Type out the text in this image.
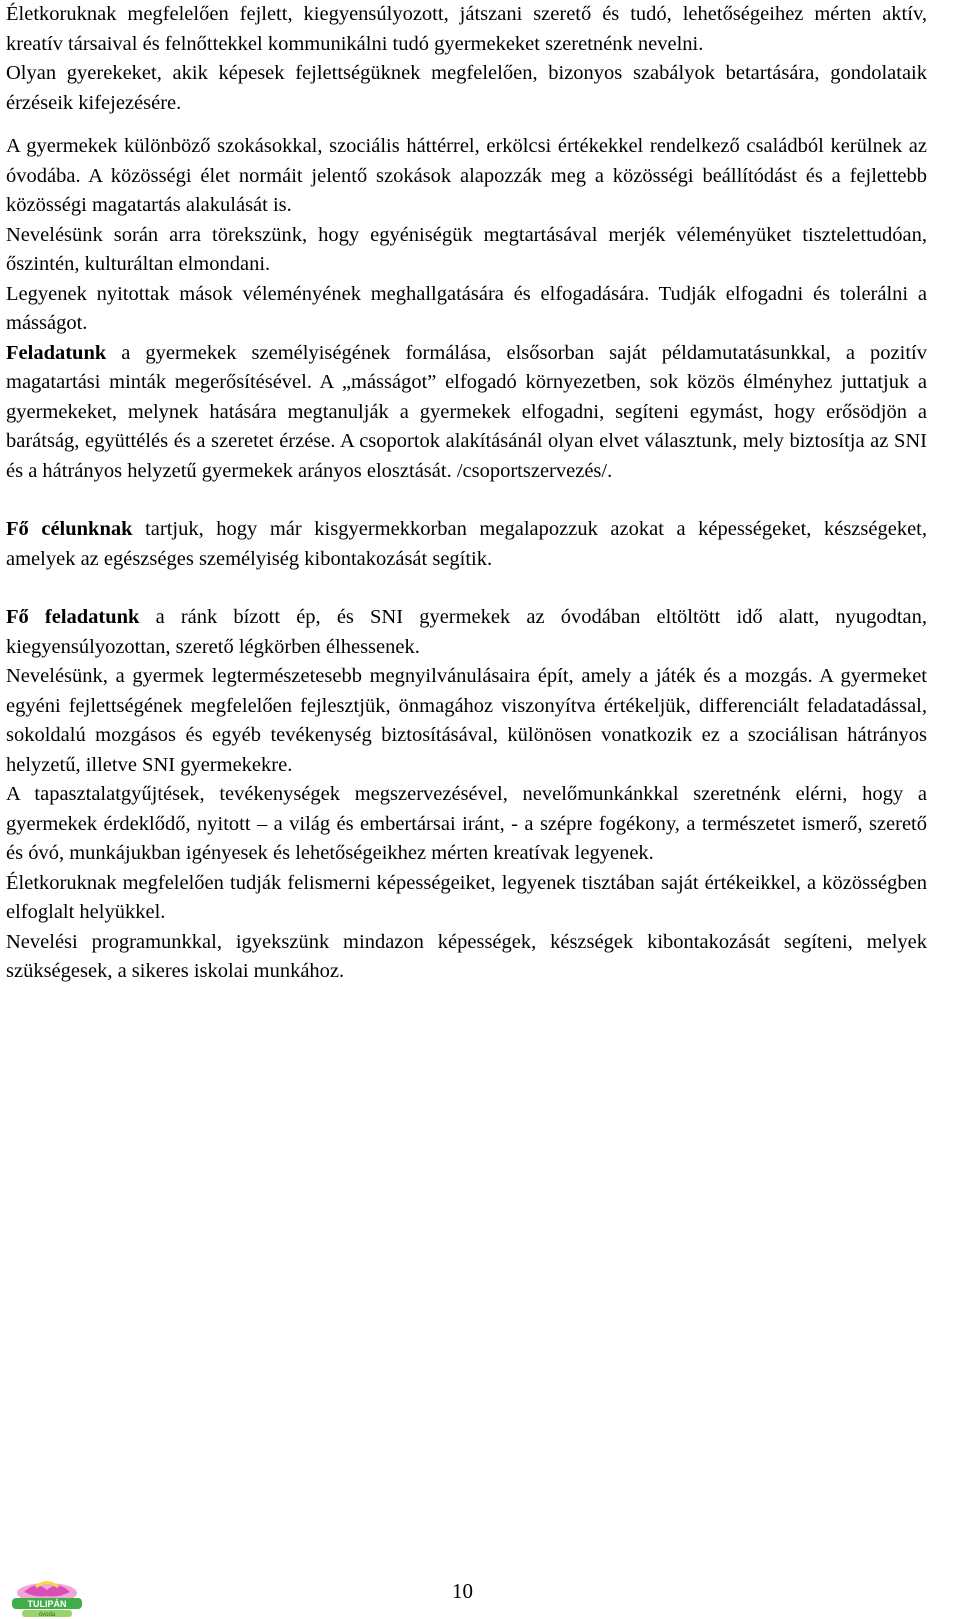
Életkoruknak megfelelően fejlett, kiegyensúlyozott, játszani szerető és tudó, lehetőségeihez mérten aktív, kreatív társaival és felnőttekkel kommunikálni tudó gyermekeket szeretnénk nevelni.

Olyan gyerekeket, akik képesek fejlettségüknek megfelelően, bizonyos szabályok betartására, gondolataik érzéseik kifejezésére.

A gyermekek különböző szokásokkal, szociális háttérrel, erkölcsi értékekkel rendelkező családból kerülnek az óvodába. A közösségi élet normáit jelentő szokások alapozzák meg a közösségi beállítódást és a fejlettebb közösségi magatartás alakulását is.

Nevelésünk során arra törekszünk, hogy egyéniségük megtartásával merjék véleményüket tisztelettudóan, őszintén, kulturáltan elmondani.

Legyenek nyitottak mások véleményének meghallgatására és elfogadására. Tudják elfogadni és tolerálni a másságot.

Feladatunk a gyermekek személyiségének formálása, elsősorban saját példamutatásunkkal, a pozitív magatartási minták megerősítésével. A „másságot” elfogadó környezetben, sok közös élményhez juttatjuk a gyermekeket, melynek hatására megtanulják a gyermekek elfogadni, segíteni egymást, hogy erősödjön a barátság, együttélés és a szeretet érzése. A csoportok alakításánál olyan elvet választunk, mely biztosítja az SNI és a hátrányos helyzetű gyermekek arányos elosztását. /csoportszervezés/.

Fő célunknak tartjuk, hogy már kisgyermekkorban megalapozzuk azokat a képességeket, készségeket, amelyek az egészséges személyiség kibontakozását segítik.

Fő feladatunk a ránk bízott ép, és SNI gyermekek az óvodában eltöltött idő alatt, nyugodtan, kiegyensúlyozottan, szerető légkörben élhessenek.

Nevelésünk, a gyermek legtermészetesebb megnyilvánulásaira épít, amely a játék és a mozgás. A gyermeket egyéni fejlettségének megfelelően fejlesztjük, önmagához viszonyítva értékeljük, differenciált feladatadással, sokoldalú mozgásos és egyéb tevékenység biztosításával, különösen vonatkozik ez a szociálisan hátrányos helyzetű, illetve SNI gyermekekre.

A tapasztalatgyűjtések, tevékenységek megszervezésével, nevelőmunkánkkal szeretnénk elérni, hogy a gyermekek érdeklődő, nyitott – a világ és embertársai iránt, - a szépre fogékony, a természetet ismerő, szerető és óvó, munkájukban igényesek és lehetőségeikhez mérten kreatívak legyenek.

Életkoruknak megfelelően tudják felismerni képességeiket, legyenek tisztában saját értékeikkel, a közösségben elfoglalt helyükkel.

Nevelési programunkkal, igyekszünk mindazon képességek, készségek kibontakozását segíteni, melyek szükségesek, a sikeres iskolai munkához.

TULIPÁN
óvoda
10
